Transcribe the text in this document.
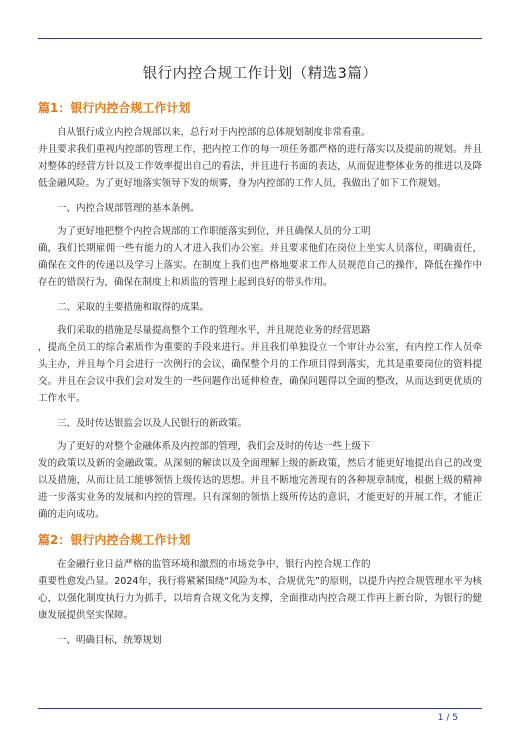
银行内控合规工作计划（精选3篇）
篇1：银行内控合规工作计划

自从银行成立内控合规部以来，总行对于内控部的总体规划制度非常看重。

并且要求我们重视内控部的管理工作，把内控工作的每一项任务都严格的进行落实以及提前的规划。并且对整体的经营方针以及工作效率提出自己的看法，并且进行书面的表达，从而促进整体业务的推进以及降低金融风险。为了更好地落实领导下发的烦雾，身为内控部的工作人员，我做出了如下工作规划。

一、内控合规部管理的基本条例。

为了更好地把整个内控合规部的工作职能落实到位，并且确保人员的分工明

确，我们长期雇佣一些有能力的人才进入我们办公室。并且要求他们在岗位上坐实人员落位，明确责任，确保在文件的传递以及学习上落实。在制度上我们也严格地要求工作人员规范自己的操作，降低在操作中存在的错误行为，确保在制度上和质监的管理上起到良好的带头作用。

二、采取的主要措施和取得的成果。

我们采取的措施是尽量提高整个工作的管理水平，并且规范业务的经营思路

，提高全员工的综合素质作为重要的手段来进行。并且我们单独设立一个审计办公室，有内控工作人员牵头主办，并且每个月会进行一次例行的会议，确保整个月的工作项目得到落实，尤其是重要岗位的资料提交。并且在会议中我们会对发生的一些问题作出延伸检查，确保问题得以全面的整改，从而达到更优质的工作水平。

三、及时传达银监会以及人民银行的新政策。

为了更好的对整个金融体系及内控部的管理，我们会及时的传达一些上级下

发的政策以及新的金融政策。从深刻的解读以及全面理解上级的新政策，然后才能更好地提出自己的改变以及措施，从而让员工能够领悟上级传达的思想。并且不断地完善现有的各种规章制度，根据上级的精神进一步落实业务的发展和内控的管理。只有深刻的领悟上级所传达的意识，才能更好的开展工作，才能正确的走向成功。

篇2：银行内控合规工作计划

在金融行业日益严格的监管环境和激烈的市场竞争中，银行内控合规工作的

重要性愈发凸显。2024年，我行将紧紧围绕“风险为本、合规优先”的原则，以提升内控合规管理水平为核心，以强化制度执行力为抓手，以培育合规文化为支撑，全面推动内控合规工作再上新台阶，为银行的健康发展提供坚实保障。

一、明确目标，统筹规划
1 / 5
